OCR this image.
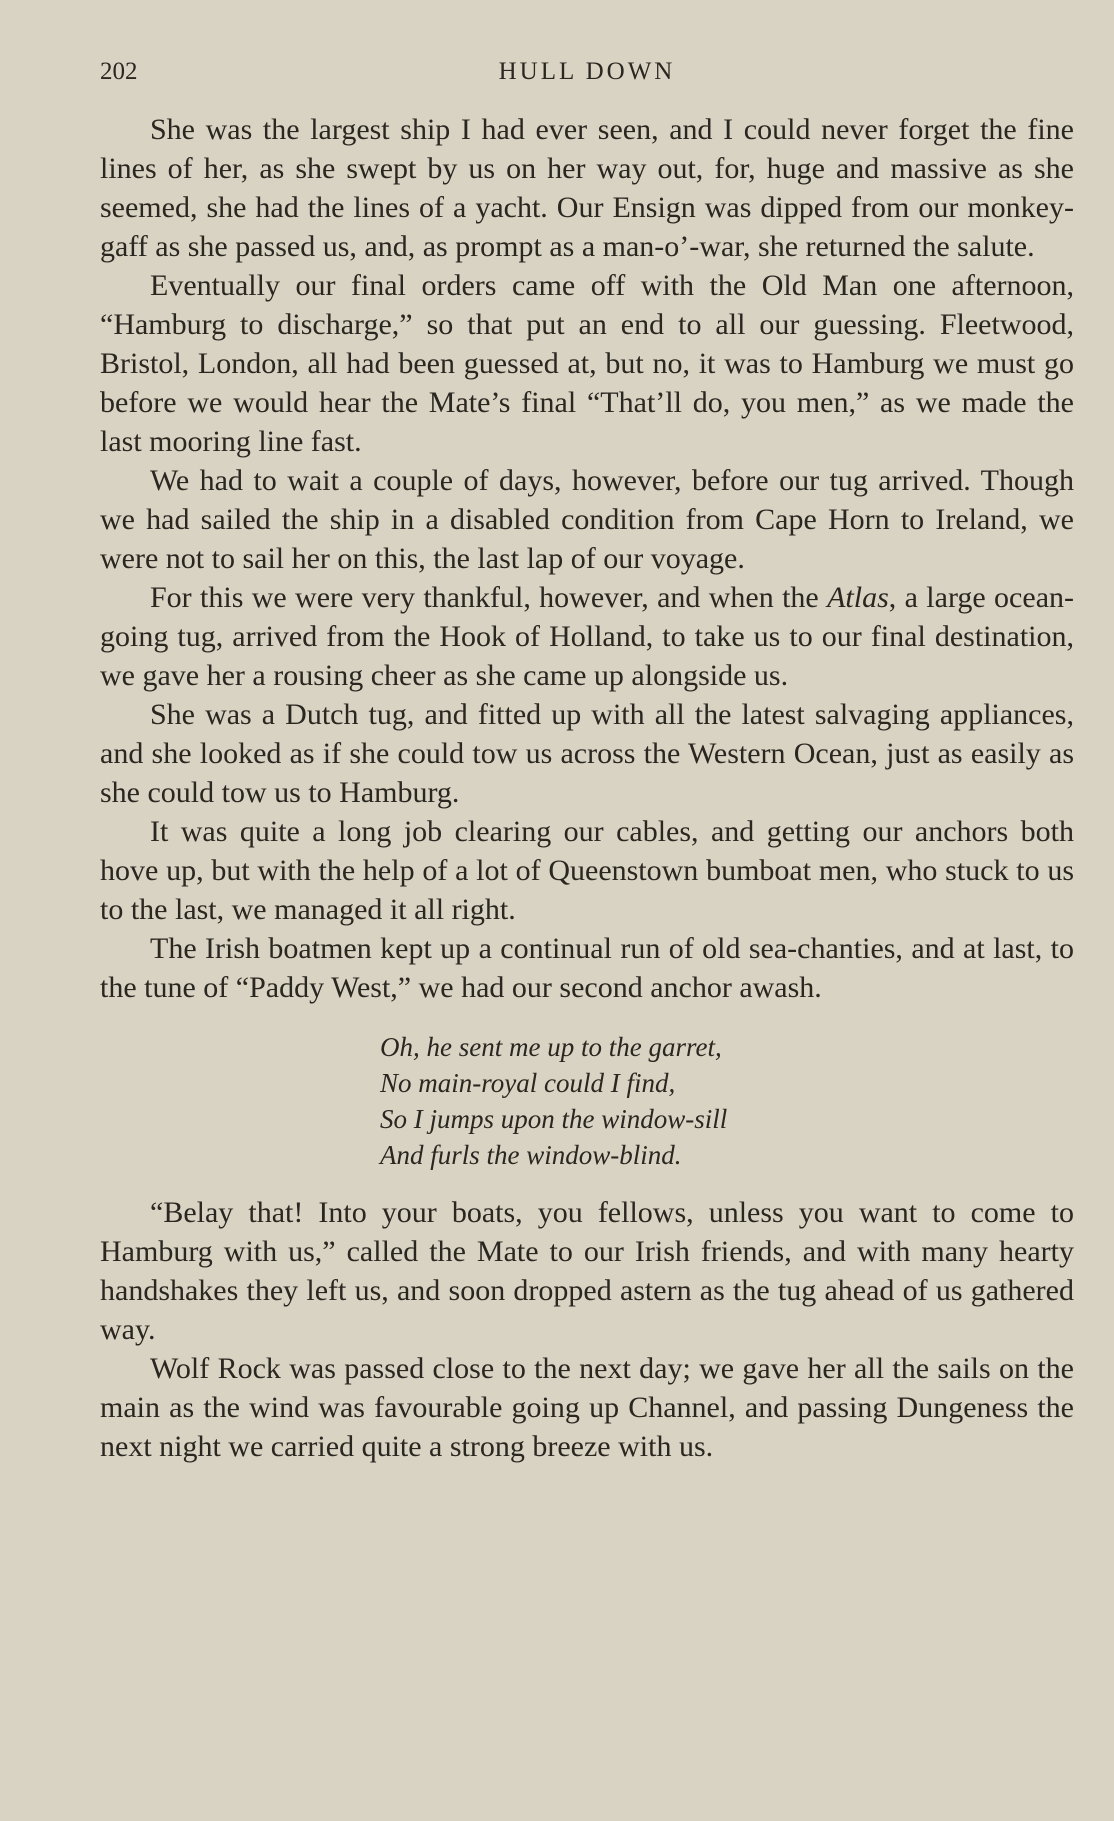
202	HULL DOWN

She was the largest ship I had ever seen, and I could never forget the fine lines of her, as she swept by us on her way out, for, huge and massive as she seemed, she had the lines of a yacht. Our Ensign was dipped from our monkey-gaff as she passed us, and, as prompt as a man-o’-war, she returned the salute.

Eventually our final orders came off with the Old Man one afternoon, “Hamburg to discharge,” so that put an end to all our guessing. Fleetwood, Bristol, London, all had been guessed at, but no, it was to Hamburg we must go before we would hear the Mate’s final “That’ll do, you men,” as we made the last mooring line fast.

We had to wait a couple of days, however, before our tug arrived. Though we had sailed the ship in a disabled condition from Cape Horn to Ireland, we were not to sail her on this, the last lap of our voyage.

For this we were very thankful, however, and when the Atlas, a large ocean-going tug, arrived from the Hook of Holland, to take us to our final destination, we gave her a rousing cheer as she came up alongside us.

She was a Dutch tug, and fitted up with all the latest salvaging appliances, and she looked as if she could tow us across the Western Ocean, just as easily as she could tow us to Hamburg.

It was quite a long job clearing our cables, and getting our anchors both hove up, but with the help of a lot of Queenstown bumboat men, who stuck to us to the last, we managed it all right.

The Irish boatmen kept up a continual run of old sea-chanties, and at last, to the tune of “Paddy West,” we had our second anchor awash.

Oh, he sent me up to the garret,
No main-royal could I find,
So I jumps upon the window-sill
And furls the window-blind.

“Belay that! Into your boats, you fellows, unless you want to come to Hamburg with us,” called the Mate to our Irish friends, and with many hearty handshakes they left us, and soon dropped astern as the tug ahead of us gathered way.

Wolf Rock was passed close to the next day; we gave her all the sails on the main as the wind was favourable going up Channel, and passing Dungeness the next night we carried quite a strong breeze with us.
